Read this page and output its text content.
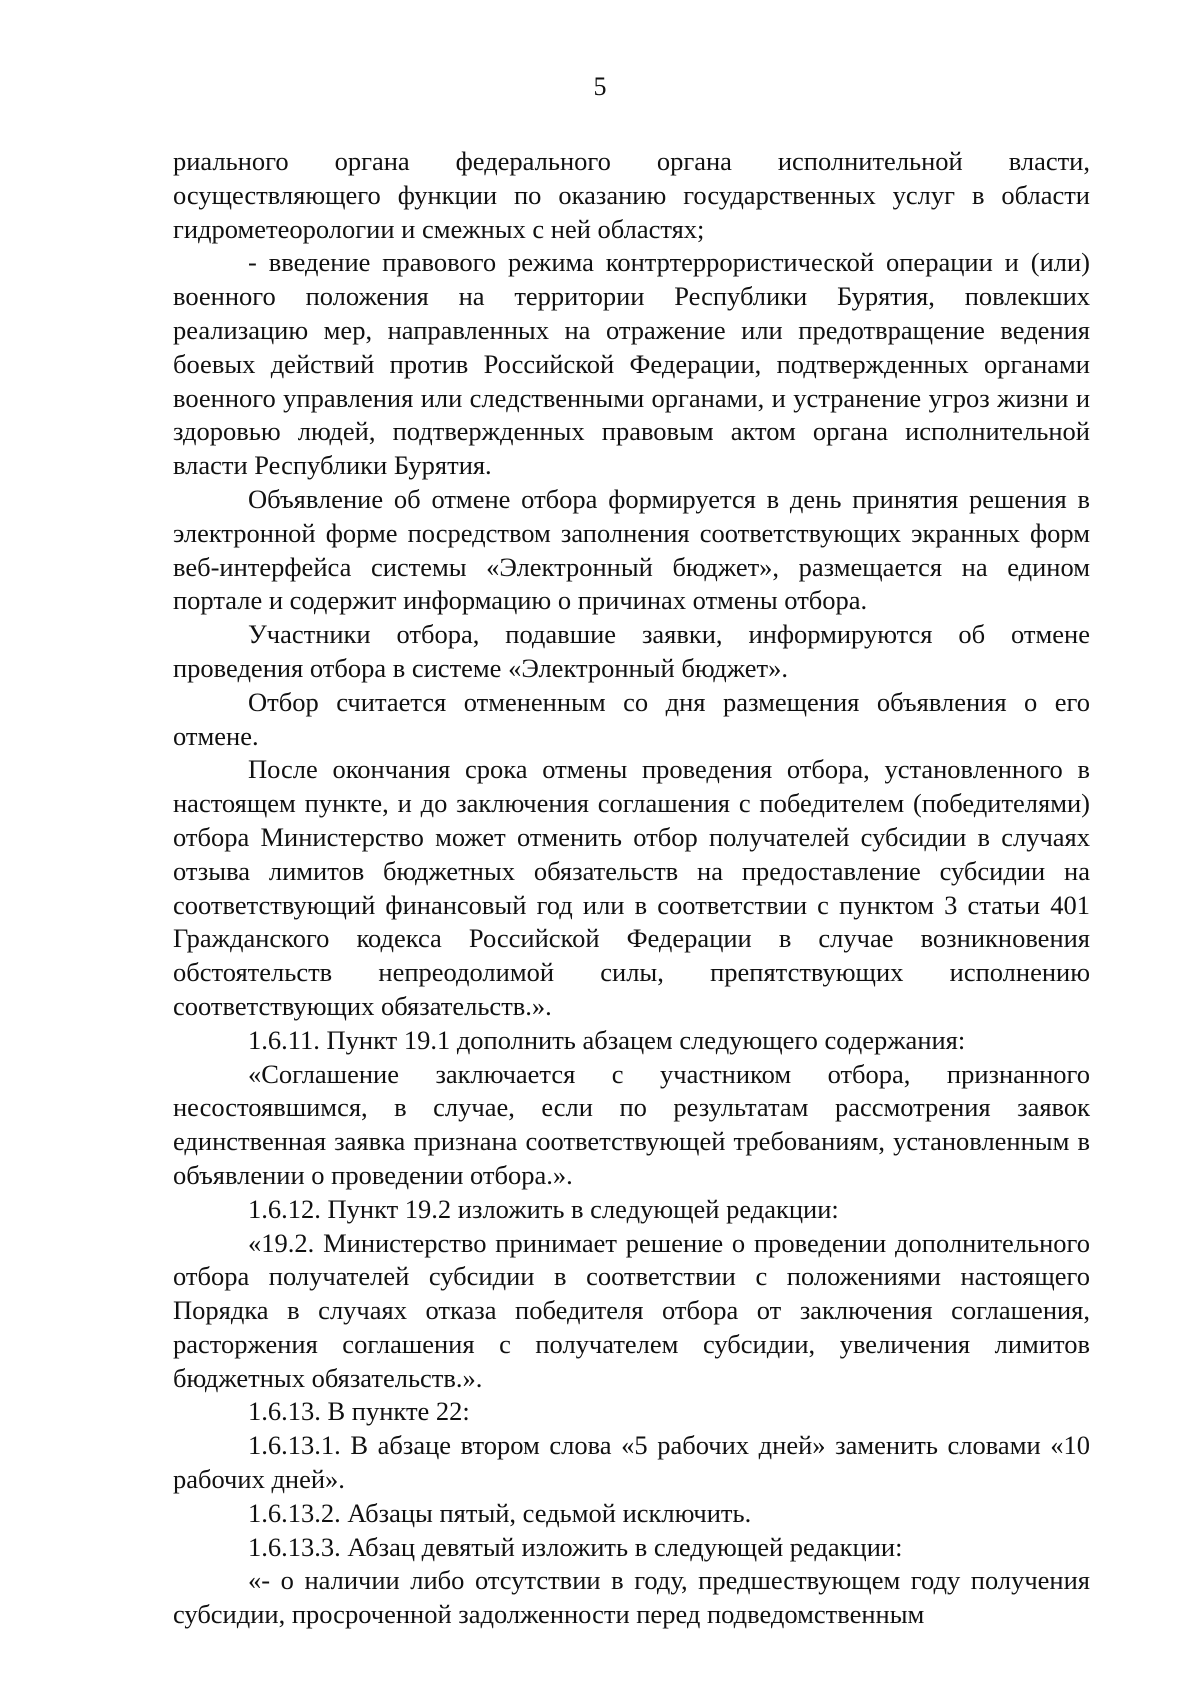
5

риального органа федерального органа исполнительной власти, осуществляющего функции по оказанию государственных услуг в области гидрометеорологии и смежных с ней областях;

- введение правового режима контртеррористической операции и (или) военного положения на территории Республики Бурятия, повлекших реализацию мер, направленных на отражение или предотвращение ведения боевых действий против Российской Федерации, подтвержденных органами военного управления или следственными органами, и устранение угроз жизни и здоровью людей, подтвержденных правовым актом органа исполнительной власти Республики Бурятия.

Объявление об отмене отбора формируется в день принятия решения в электронной форме посредством заполнения соответствующих экранных форм веб-интерфейса системы «Электронный бюджет», размещается на едином портале и содержит информацию о причинах отмены отбора.

Участники отбора, подавшие заявки, информируются об отмене проведения отбора в системе «Электронный бюджет».

Отбор считается отмененным со дня размещения объявления о его отмене.

После окончания срока отмены проведения отбора, установленного в настоящем пункте, и до заключения соглашения с победителем (победителями) отбора Министерство может отменить отбор получателей субсидии в случаях отзыва лимитов бюджетных обязательств на предоставление субсидии на соответствующий финансовый год или в соответствии с пунктом 3 статьи 401 Гражданского кодекса Российской Федерации в случае возникновения обстоятельств непреодолимой силы, препятствующих исполнению соответствующих обязательств.».

1.6.11. Пункт 19.1 дополнить абзацем следующего содержания:

«Соглашение заключается с участником отбора, признанного несостоявшимся, в случае, если по результатам рассмотрения заявок единственная заявка признана соответствующей требованиям, установленным в объявлении о проведении отбора.».

1.6.12. Пункт 19.2 изложить в следующей редакции:

«19.2. Министерство принимает решение о проведении дополнительного отбора получателей субсидии в соответствии с положениями настоящего Порядка в случаях отказа победителя отбора от заключения соглашения, расторжения соглашения с получателем субсидии, увеличения лимитов бюджетных обязательств.».

1.6.13. В пункте 22:

1.6.13.1. В абзаце втором слова «5 рабочих дней» заменить словами «10 рабочих дней».

1.6.13.2. Абзацы пятый, седьмой исключить.

1.6.13.3. Абзац девятый изложить в следующей редакции:

«- о наличии либо отсутствии в году, предшествующем году получения субсидии, просроченной задолженности перед подведомственным
